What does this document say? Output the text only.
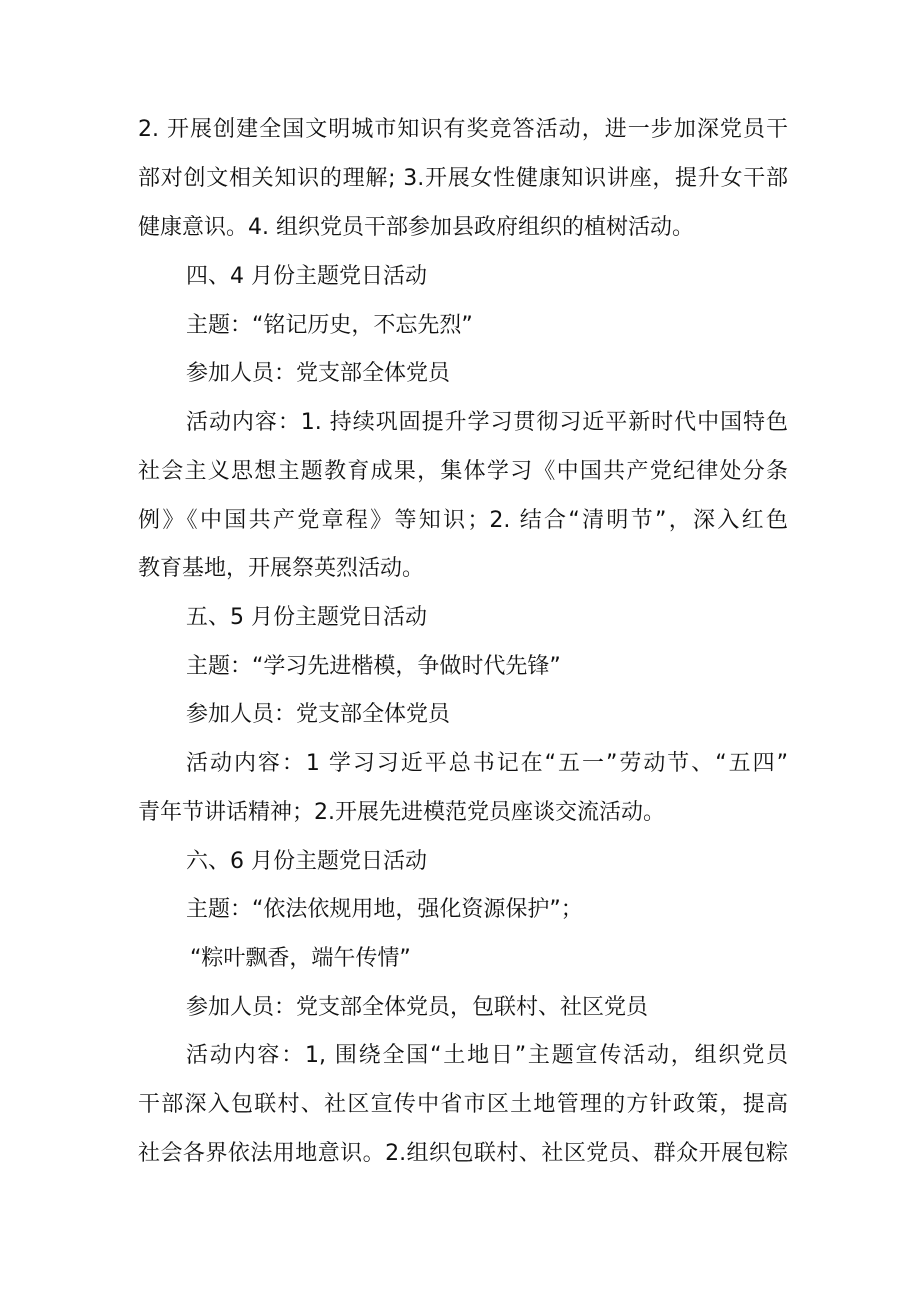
2. 开展创建全国文明城市知识有奖竞答活动，进一步加深党员干
部对创文相关知识的理解; 3.开展女性健康知识讲座，提升女干部
健康意识。4. 组织党员干部参加县政府组织的植树活动。
四、4 月份主题党日活动
主题：“铭记历史，不忘先烈”
参加人员：党支部全体党员
活动内容：1. 持续巩固提升学习贯彻习近平新时代中国特色
社会主义思想主题教育成果，集体学习《中国共产党纪律处分条
例》《中国共产党章程》等知识；2. 结合“清明节”，深入红色
教育基地，开展祭英烈活动。
五、5 月份主题党日活动
主题：“学习先进楷模，争做时代先锋”
参加人员：党支部全体党员
活动内容：1 学习习近平总书记在“五一”劳动节、“五四”
青年节讲话精神；2.开展先进模范党员座谈交流活动。
六、6 月份主题党日活动
主题：“依法依规用地，强化资源保护”；
“粽叶飘香，端午传情”
参加人员：党支部全体党员，包联村、社区党员
活动内容：1, 围绕全国“土地日”主题宣传活动，组织党员
干部深入包联村、社区宣传中省市区土地管理的方针政策，提高
社会各界依法用地意识。2.组织包联村、社区党员、群众开展包粽
